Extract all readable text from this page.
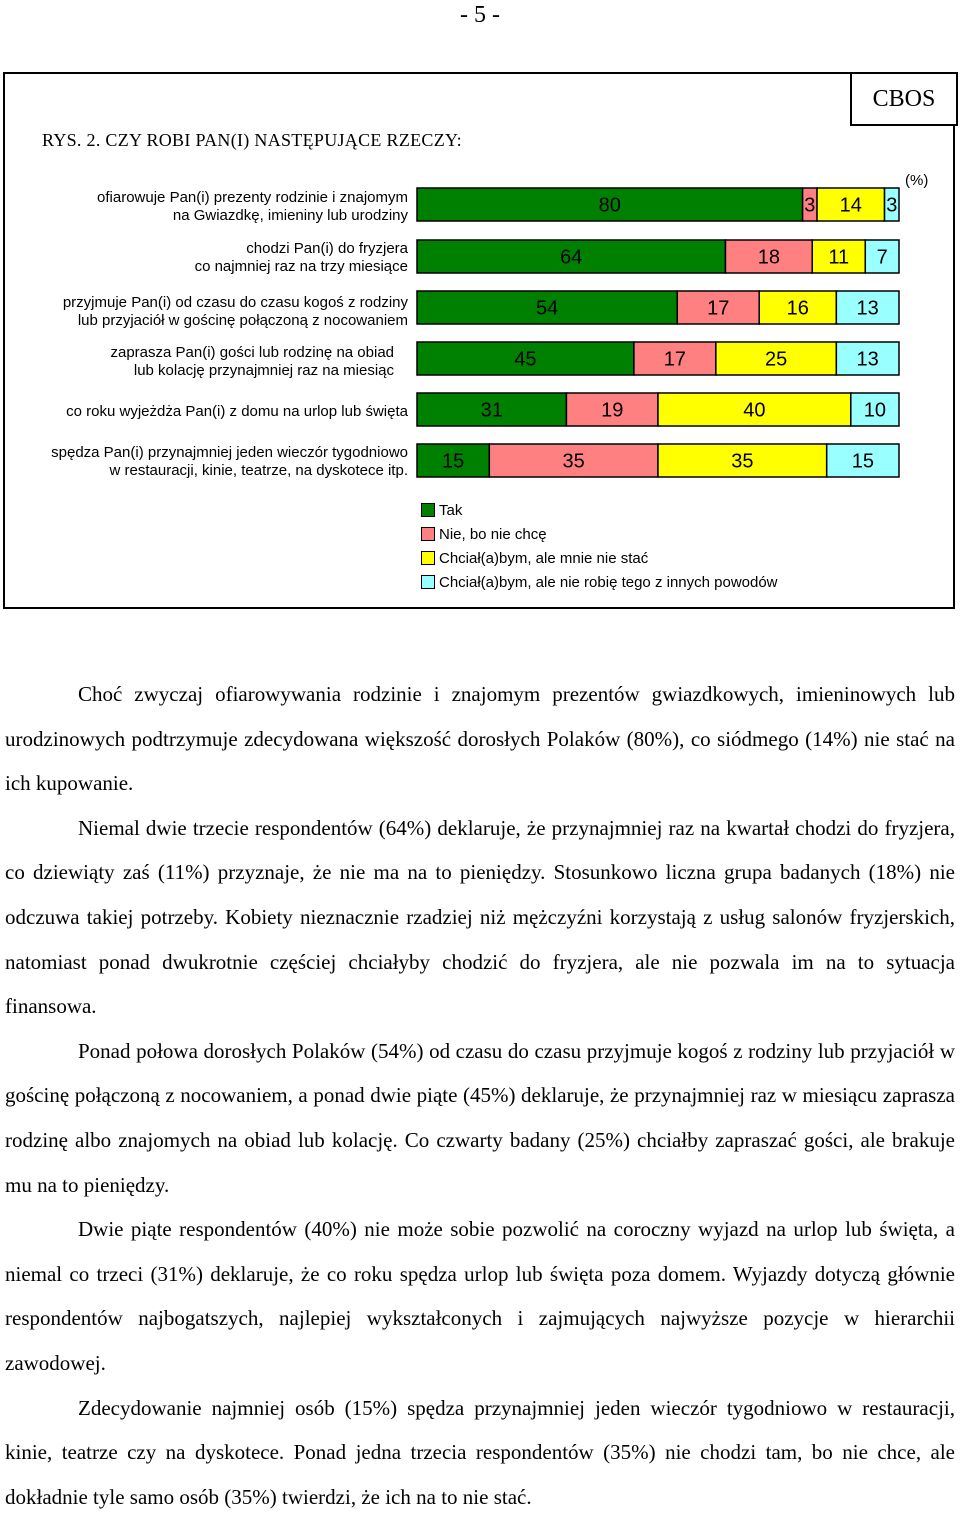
- 5 -
CBOS
RYS. 2. CZY ROBI PAN(I) NASTĘPUJĄCE RZECZY:
(%)
ofiarowuje Pan(i) prezenty rodzinie i znajomym
na Gwiazdkę, imieniny lub urodziny
chodzi Pan(i) do fryzjera
co najmniej raz na trzy miesiące
przyjmuje Pan(i) od czasu do czasu kogoś z rodziny
lub przyjaciół w gościnę połączoną z nocowaniem
zaprasza Pan(i) gości lub rodzinę na obiad
lub kolację przynajmniej raz na miesiąc
co roku wyjeżdża Pan(i) z domu na urlop lub święta
spędza Pan(i) przynajmniej jeden wieczór tygodniowo
w restauracji, kinie, teatrze, na dyskotece itp.
80	3 14 3
64	18 11 7
54	17	16 13
45	17	25	13
31	19	40	10
15	35	35	15
Tak
Nie, bo nie chcę
Chciał(a)bym, ale mnie nie stać
Chciał(a)bym, ale nie robię tego z innych powodów

Choć zwyczaj ofiarowywania rodzinie i znajomym prezentów gwiazdkowych, imieninowych lub urodzinowych podtrzymuje zdecydowana większość dorosłych Polaków (80%), co siódmego (14%) nie stać na ich kupowanie.

Niemal dwie trzecie respondentów (64%) deklaruje, że przynajmniej raz na kwartał chodzi do fryzjera, co dziewiąty zaś (11%) przyznaje, że nie ma na to pieniędzy. Stosunkowo liczna grupa badanych (18%) nie odczuwa takiej potrzeby. Kobiety nieznacznie rzadziej niż mężczyźni korzystają z usług salonów fryzjerskich, natomiast ponad dwukrotnie częściej chciałyby chodzić do fryzjera, ale nie pozwala im na to sytuacja finansowa.

Ponad połowa dorosłych Polaków (54%) od czasu do czasu przyjmuje kogoś z rodziny lub przyjaciół w gościnę połączoną z nocowaniem, a ponad dwie piąte (45%) deklaruje, że przynajmniej raz w miesiącu zaprasza rodzinę albo znajomych na obiad lub kolację. Co czwarty badany (25%) chciałby zapraszać gości, ale brakuje mu na to pieniędzy.

Dwie piąte respondentów (40%) nie może sobie pozwolić na coroczny wyjazd na urlop lub święta, a niemal co trzeci (31%) deklaruje, że co roku spędza urlop lub święta poza domem. Wyjazdy dotyczą głównie respondentów najbogatszych, najlepiej wykształconych i zajmujących najwyższe pozycje w hierarchii zawodowej.

Zdecydowanie najmniej osób (15%) spędza przynajmniej jeden wieczór tygodniowo w restauracji, kinie, teatrze czy na dyskotece. Ponad jedna trzecia respondentów (35%) nie chodzi tam, bo nie chce, ale dokładnie tyle samo osób (35%) twierdzi, że ich na to nie stać.
